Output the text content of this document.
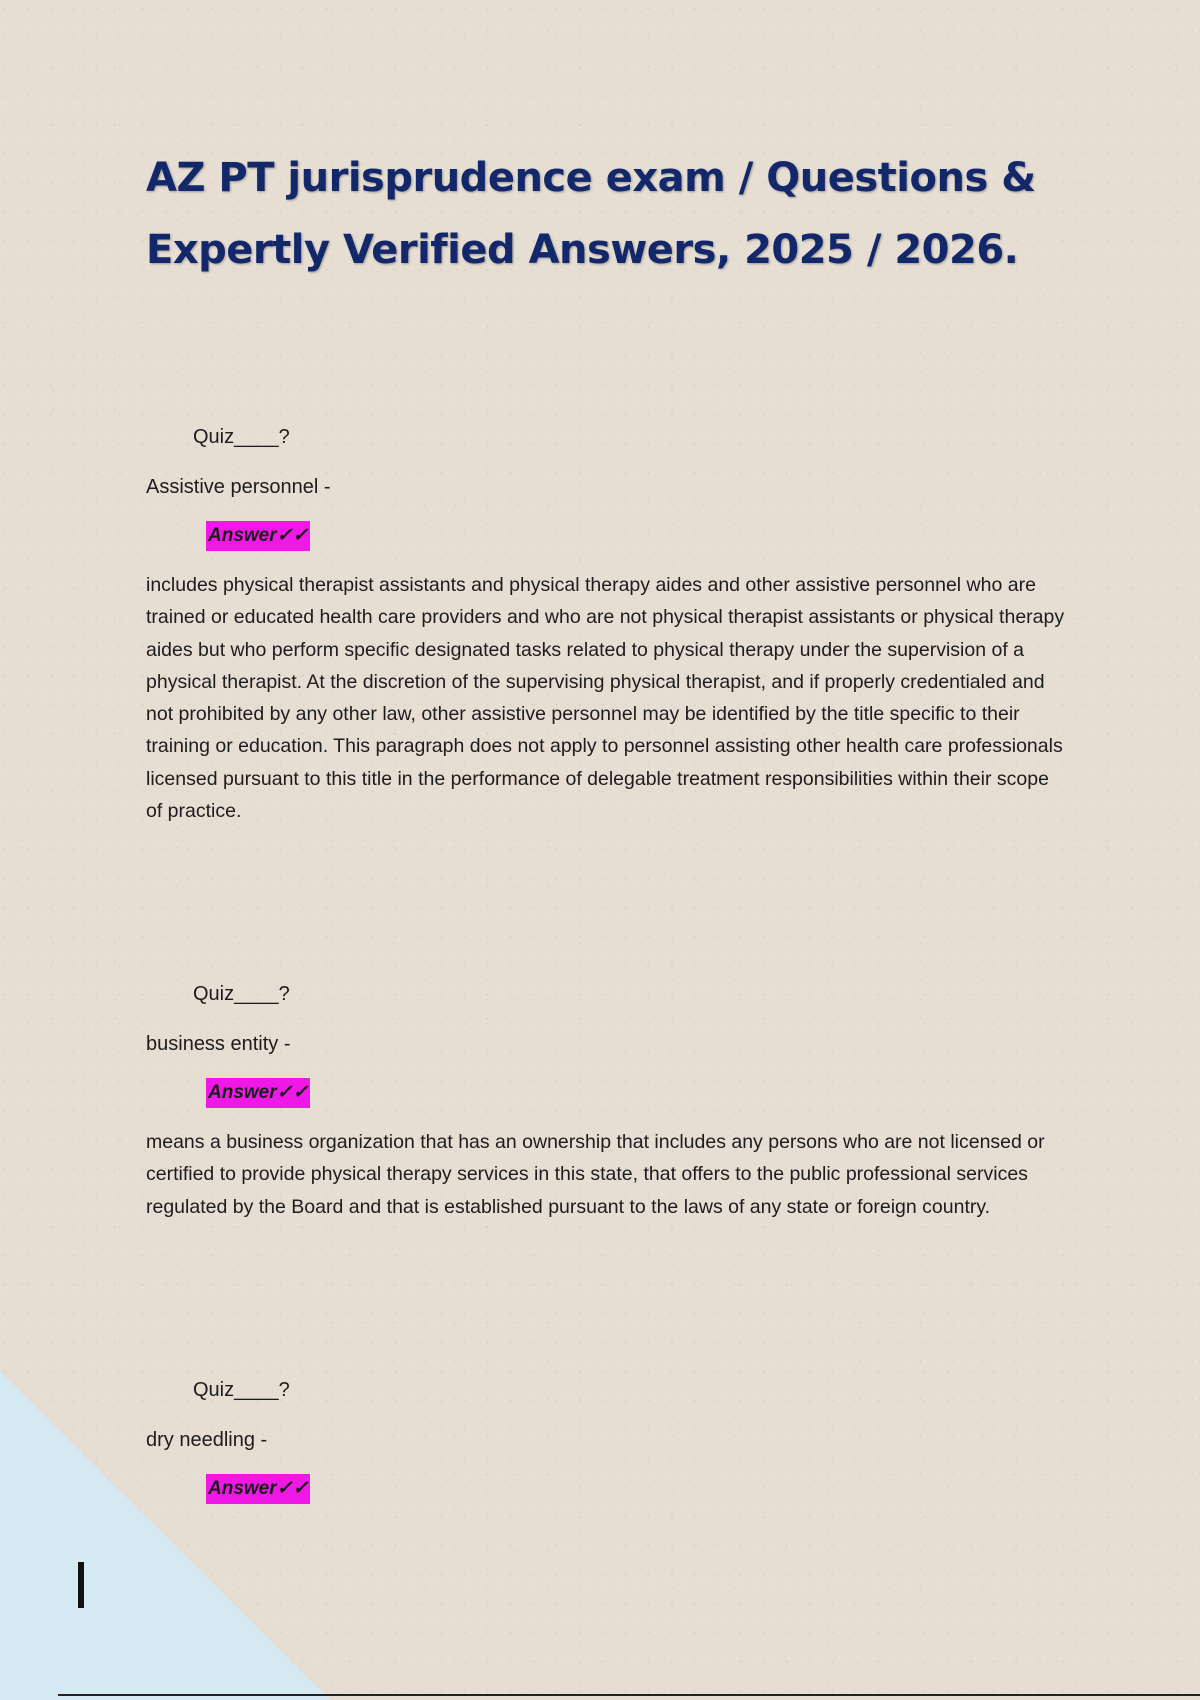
AZ PT jurisprudence exam / Questions & Expertly Verified Answers, 2025 / 2026.
Quiz____?
Assistive personnel -
Answer✓✓
includes physical therapist assistants and physical therapy aides and other assistive personnel who are trained or educated health care providers and who are not physical therapist assistants or physical therapy aides but who perform specific designated tasks related to physical therapy under the supervision of a physical therapist. At the discretion of the supervising physical therapist, and if properly credentialed and not prohibited by any other law, other assistive personnel may be identified by the title specific to their training or education. This paragraph does not apply to personnel assisting other health care professionals licensed pursuant to this title in the performance of delegable treatment responsibilities within their scope of practice.
Quiz____?
business entity -
Answer✓✓
means a business organization that has an ownership that includes any persons who are not licensed or certified to provide physical therapy services in this state, that offers to the public professional services regulated by the Board and that is established pursuant to the laws of any state or foreign country.
Quiz____?
dry needling -
Answer✓✓
